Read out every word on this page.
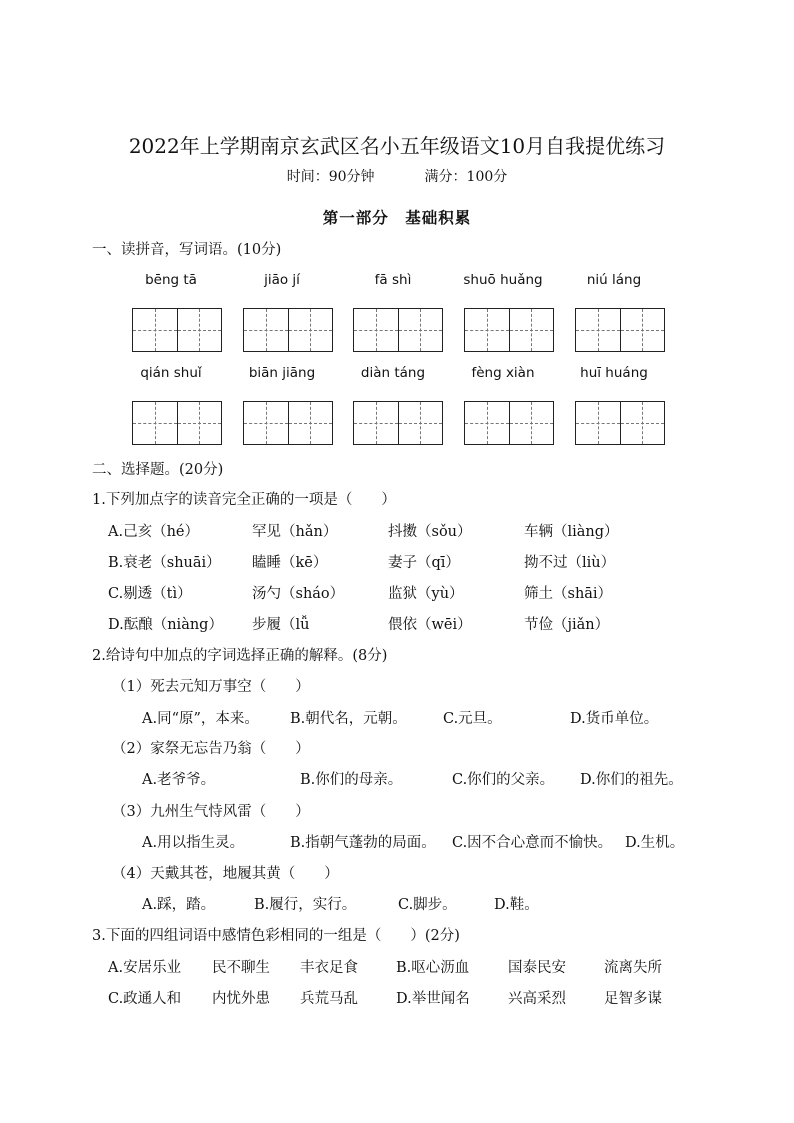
2022年上学期南京玄武区名小五年级语文10月自我提优练习
时间：90分钟	满分：100分
第一部分　基础积累
一、读拼音，写词语。(10分)
bēng tā	jiāo jí	fā shì	shuō huǎng	niú láng
qián shuǐ	biān jiāng	diàn táng	fèng xiàn	huī huáng
二、选择题。(20分)
1.下列加点字的读音完全正确的一项是（　　）
A.己亥（hé）	罕见（hǎn）	抖擞（sǒu）	车辆（liàng）
B.衰老（shuāi） 瞌睡（kē）	妻子（qī）	拗不过（liù）
C.剔透（tì）	汤勺（sháo）	监狱（yù）	筛土（shāi）
D.酝酿（niàng） 步履（lǚ	偎依（wēi）	节俭（jiǎn）
2.给诗句中加点的字词选择正确的解释。(8分)
（1）死去元知万事空（　　）
A.同“原”，本来。 B.朝代名，元朝。 C.元旦。	D.货币单位。
（2）家祭无忘告乃翁（　　）
A.老爷爷。	B.你们的母亲。	C.你们的父亲。 D.你们的祖先。
（3）九州生气恃风雷（　　）
A.用以指生灵。	B.指朝气蓬勃的局面。 C.因不合心意而不愉快。 D.生机。
（4）天戴其苍，地履其黄（　　）
A.踩，踏。	B.履行，实行。	C.脚步。	D.鞋。
3.下面的四组词语中感情色彩相同的一组是（　　）(2分)
A.安居乐业 民不聊生 丰衣足食	B.呕心沥血	国泰民安	流离失所
C.政通人和 内忧外患 兵荒马乱	D.举世闻名	兴高采烈	足智多谋
